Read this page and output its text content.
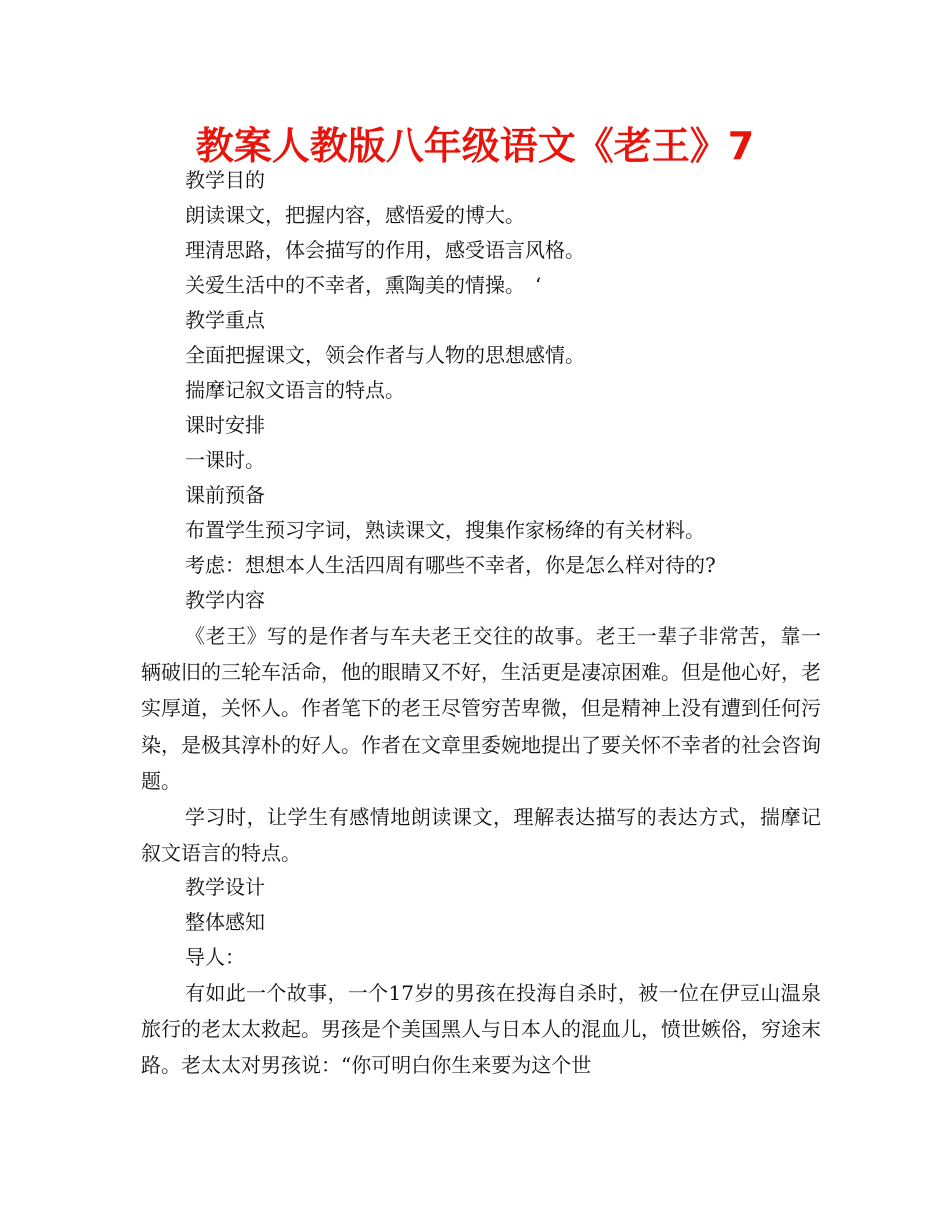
教案人教版八年级语文《老王》7

教学目的

朗读课文，把握内容，感悟爱的博大。

理清思路，体会描写的作用，感受语言风格。

关爱生活中的不幸者，熏陶美的情操。　‘

教学重点

全面把握课文，领会作者与人物的思想感情。

揣摩记叙文语言的特点。

课时安排

一课时。

课前预备

布置学生预习字词，熟读课文，搜集作家杨绛的有关材料。

考虑：想想本人生活四周有哪些不幸者，你是怎么样对待的?

教学内容

《老王》写的是作者与车夫老王交往的故事。老王一辈子非常苦，靠一辆破旧的三轮车活命，他的眼睛又不好，生活更是凄凉困难。但是他心好，老实厚道，关怀人。作者笔下的老王尽管穷苦卑微，但是精神上没有遭到任何污染，是极其淳朴的好人。作者在文章里委婉地提出了要关怀不幸者的社会咨询题。

学习时，让学生有感情地朗读课文，理解表达描写的表达方式，揣摩记叙文语言的特点。

教学设计

整体感知

导人：

有如此一个故事，一个17岁的男孩在投海自杀时，被一位在伊豆山温泉旅行的老太太救起。男孩是个美国黑人与日本人的混血儿，愤世嫉俗，穷途末路。老太太对男孩说：“你可明白你生来要为这个世
